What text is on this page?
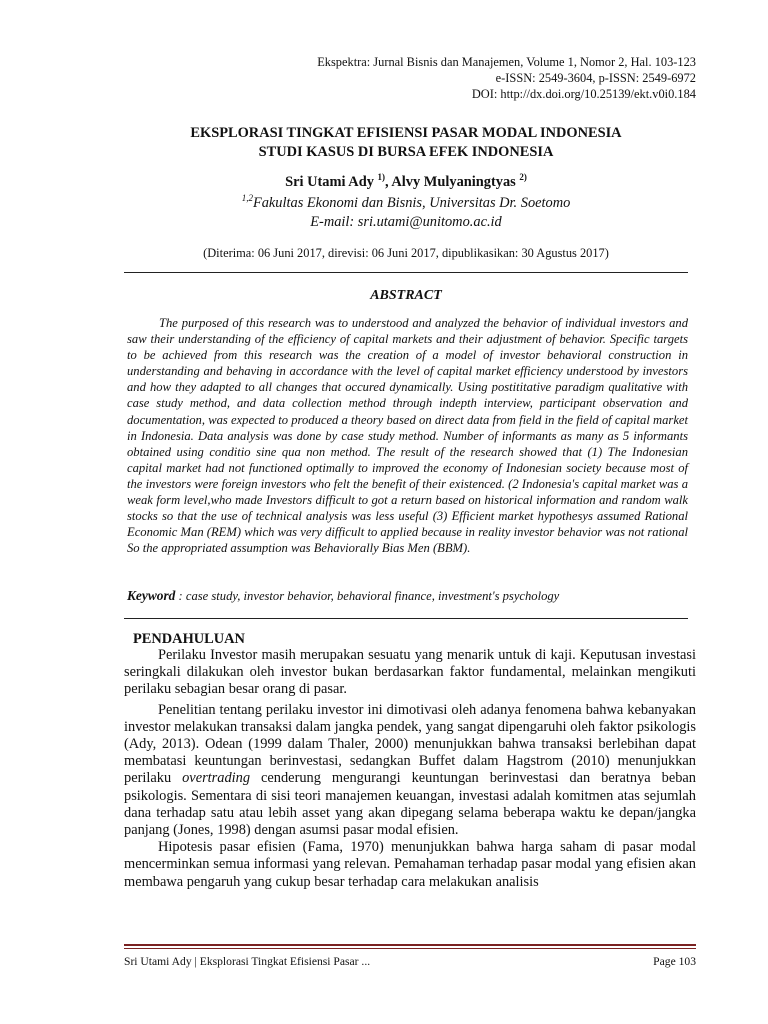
Ekspektra: Jurnal Bisnis dan Manajemen, Volume 1, Nomor 2, Hal. 103-123
e-ISSN: 2549-3604, p-ISSN: 2549-6972
DOI: http://dx.doi.org/10.25139/ekt.v0i0.184
EKSPLORASI TINGKAT EFISIENSI PASAR MODAL INDONESIA
STUDI KASUS DI BURSA EFEK INDONESIA
Sri Utami Ady $^{1)}$, Alvy Mulyaningtyas $^{2)}$
$^{1,2}$Fakultas Ekonomi dan Bisnis, Universitas Dr. Soetomo
E-mail: sri.utami@unitomo.ac.id
(Diterima: 06 Juni 2017, direvisi: 06 Juni 2017, dipublikasikan: 30 Agustus 2017)
ABSTRACT

The purposed of this research was to understood and analyzed the behavior of individual investors and saw their understanding of the efficiency of capital markets and their adjustment of behavior. Specific targets to be achieved from this research was the creation of a model of investor behavioral construction in understanding and behaving in accordance with the level of capital market efficiency understood by investors and how they adapted to all changes that occured dynamically. Using postititative paradigm qualitative with case study method, and data collection method through indepth interview, participant observation and documentation, was expected to produced a theory based on direct data from field in the field of capital market in Indonesia. Data analysis was done by case study method. Number of informants as many as 5 informants obtained using conditio sine qua non method. The result of the research showed that (1) The Indonesian capital market had not functioned optimally to improved the economy of Indonesian society because most of the investors were foreign investors who felt the benefit of their existenced. (2 Indonesia's capital market was a weak form level,who made Investors difficult to got a return based on historical information and random walk stocks so that the use of technical analysis was less useful (3) Efficient market hypothesys assumed Rational Economic Man (REM) which was very difficult to applied because in reality investor behavior was not rational So the appropriated assumption was Behaviorally Bias Men (BBM).

Keyword : case study, investor behavior, behavioral finance, investment's psychology
PENDAHULUAN

Perilaku Investor masih merupakan sesuatu yang menarik untuk di kaji. Keputusan investasi seringkali dilakukan oleh investor bukan berdasarkan faktor fundamental, melainkan mengikuti perilaku sebagian besar orang di pasar.

Penelitian tentang perilaku investor ini dimotivasi oleh adanya fenomena bahwa kebanyakan investor melakukan transaksi dalam jangka pendek, yang sangat dipengaruhi oleh faktor psikologis (Ady, 2013). Odean (1999 dalam Thaler, 2000) menunjukkan bahwa transaksi berlebihan dapat membatasi keuntungan berinvestasi, sedangkan Buffet dalam Hagstrom (2010) menunjukkan perilaku overtrading cenderung mengurangi keuntungan berinvestasi dan beratnya beban psikologis. Sementara di sisi teori manajemen keuangan, investasi adalah komitmen atas sejumlah dana terhadap satu atau lebih asset yang akan dipegang selama beberapa waktu ke depan/jangka panjang (Jones, 1998) dengan asumsi pasar modal efisien.

Hipotesis pasar efisien (Fama, 1970) menunjukkan bahwa harga saham di pasar modal mencerminkan semua informasi yang relevan. Pemahaman terhadap pasar modal yang efisien akan membawa pengaruh yang cukup besar terhadap cara melakukan analisis

Sri Utami Ady | Eksplorasi Tingkat Efisiensi Pasar ...	Page 103
